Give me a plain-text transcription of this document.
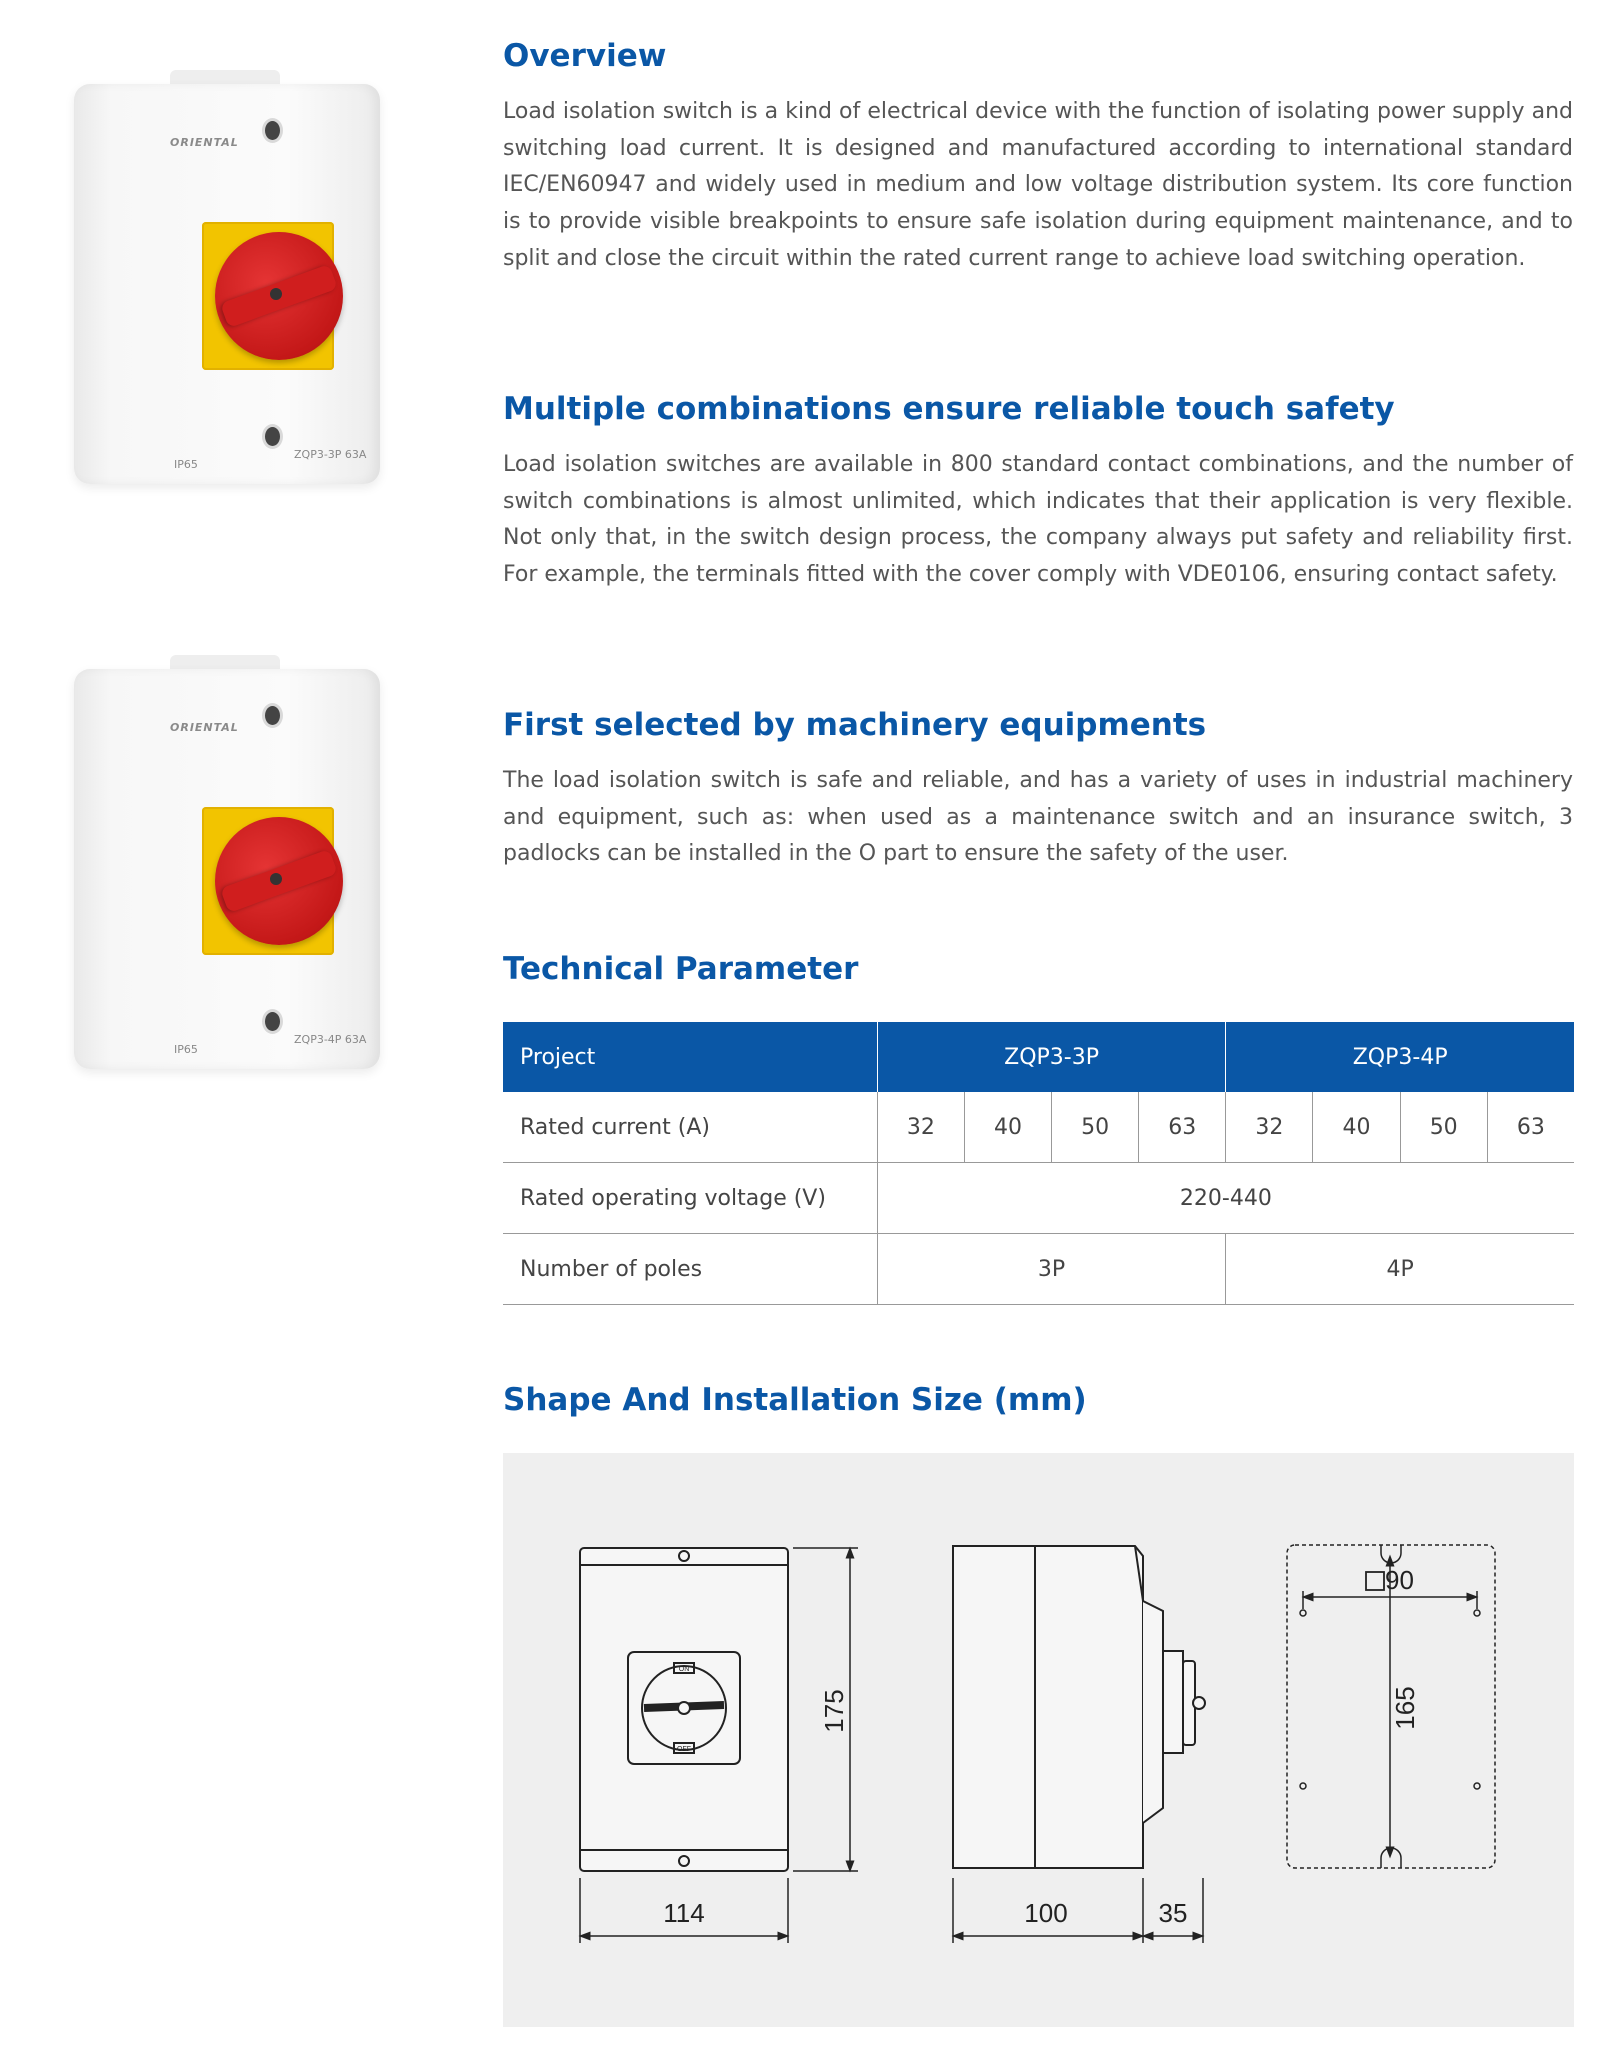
ORIENTAL
IP65
ZQP3-3P 63A
ORIENTAL
IP65
ZQP3-4P 63A
Overview

Load isolation switch is a kind of electrical device with the function of isolating power supply and switching load current. It is designed and manufactured according to international standard IEC/EN60947 and widely used in medium and low voltage distribution system. Its core function is to provide visible breakpoints to ensure safe isolation during equipment maintenance, and to split and close the circuit within the rated current range to achieve load switching operation.

Multiple combinations ensure reliable touch safety

Load isolation switches are available in 800 standard contact combinations, and the number of switch combinations is almost unlimited, which indicates that their application is very flexible. Not only that, in the switch design process, the company always put safety and reliability first. For example, the terminals fitted with the cover comply with VDE0106, ensuring contact safety.

First selected by machinery equipments

The load isolation switch is safe and reliable, and has a variety of uses in industrial machinery and equipment, such as: when used as a maintenance switch and an insurance switch, 3 padlocks can be installed in the O part to ensure the safety of the user.

Technical Parameter
Project	ZQP3-3P				ZQP3-4P			
Rated current (A)	32	40	50	63	32	40	50	63
Rated operating voltage (V)	220-440							
Number of poles	3P				4P			
Shape And Installation Size (mm)
ON
OFF
175
114	100	35
90
165
